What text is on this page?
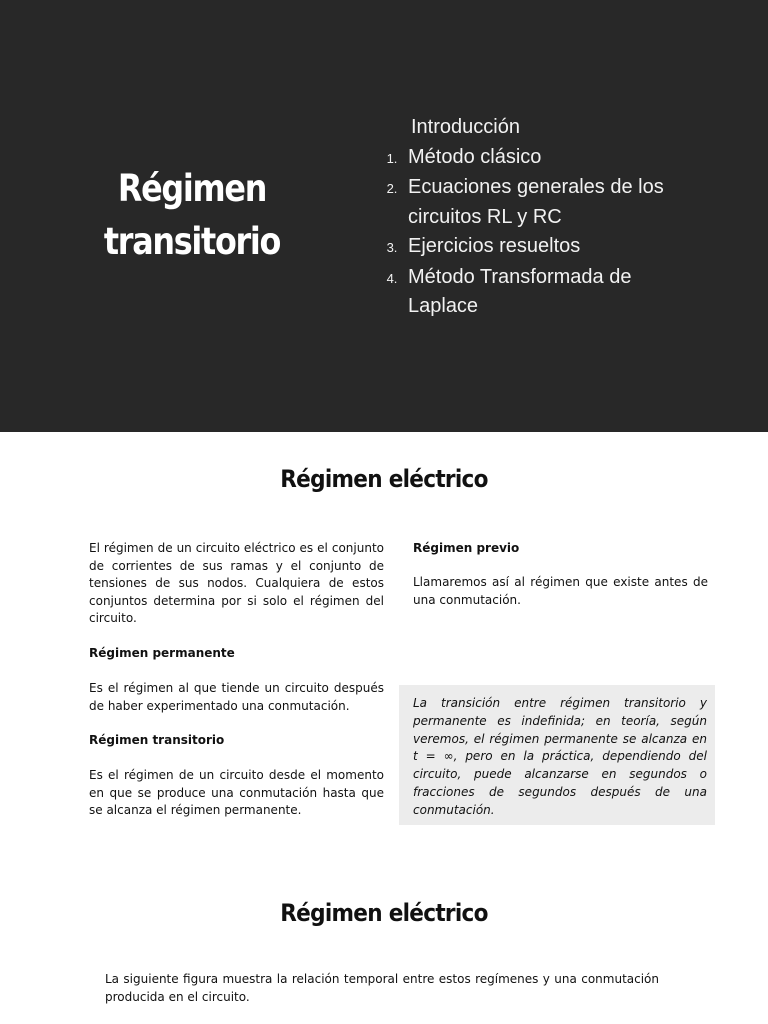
Régimen
transitorio
Introducción
1. Método clásico
2. Ecuaciones generales de los circuitos RL y RC
3. Ejercicios resueltos
4. Método Transformada de Laplace
Régimen eléctrico
El régimen de un circuito eléctrico es el conjunto de corrientes de sus ramas y el conjunto de tensiones de sus nodos. Cualquiera de estos conjuntos determina por si solo el régimen del circuito.
Régimen permanente
Es el régimen al que tiende un circuito después de haber experimentado una conmutación.
Régimen transitorio
Es el régimen de un circuito desde el momento en que se produce una conmutación hasta que se alcanza el régimen permanente.
Régimen previo
Llamaremos así al régimen que existe antes de una conmutación.

La transición entre régimen transitorio y permanente es indefinida; en teoría, según veremos, el régimen permanente se alcanza en t = ∞, pero en la práctica, dependiendo del circuito, puede alcanzarse en segundos o fracciones de segundos después de una conmutación.

Régimen eléctrico
La siguiente figura muestra la relación temporal entre estos regímenes y una conmutación producida en el circuito.
